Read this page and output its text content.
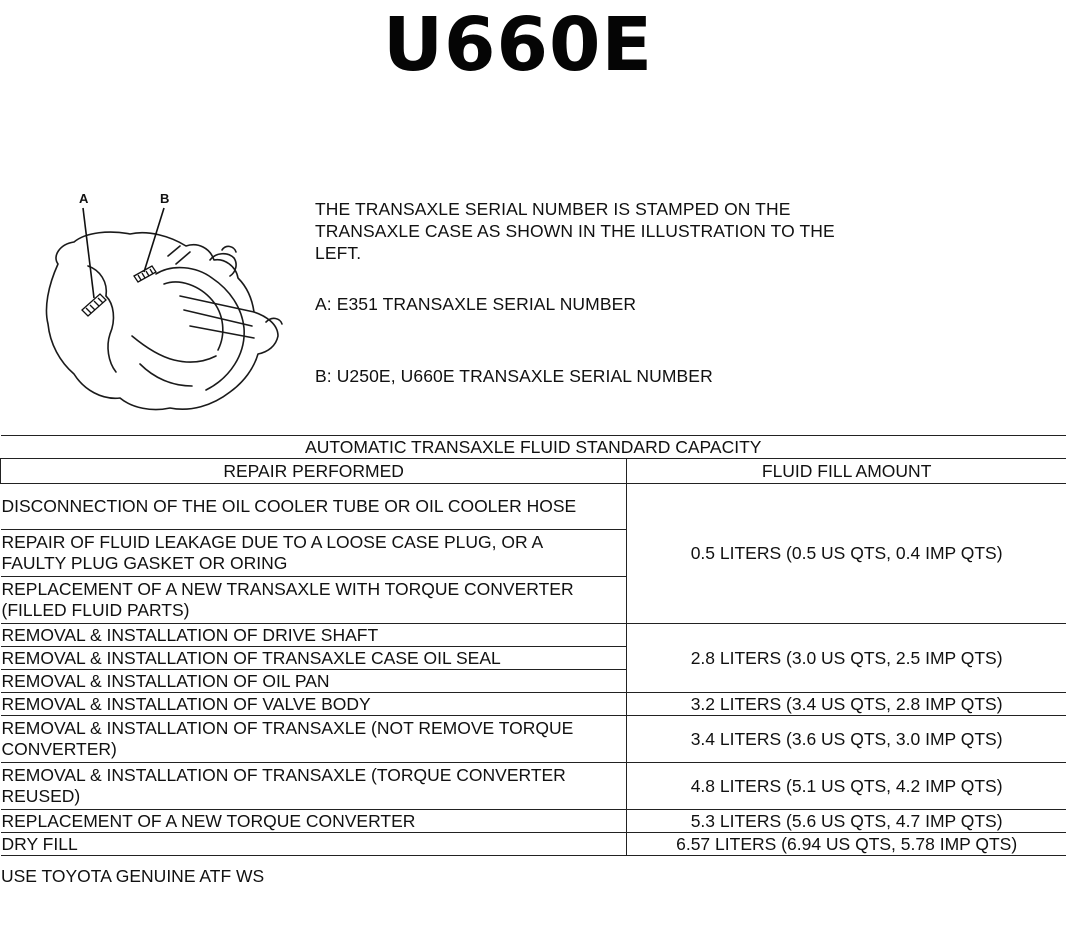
U660E
A	B

THE TRANSAXLE SERIAL NUMBER IS STAMPED ON THE
TRANSAXLE CASE AS SHOWN IN THE ILLUSTRATION TO THE
LEFT.

A: E351 TRANSAXLE SERIAL NUMBER

B: U250E, U660E TRANSAXLE SERIAL NUMBER

AUTOMATIC TRANSAXLE FLUID STANDARD CAPACITY	
REPAIR PERFORMED	FLUID FILL AMOUNT
DISCONNECTION OF THE OIL COOLER TUBE OR OIL COOLER HOSE	0.5 LITERS (0.5 US QTS, 0.4 IMP QTS)
REPAIR OF FLUID LEAKAGE DUE TO A LOOSE CASE PLUG, OR A
FAULTY PLUG GASKET OR ORING	
REPLACEMENT OF A NEW TRANSAXLE WITH TORQUE CONVERTER
(FILLED FLUID PARTS)	
REMOVAL & INSTALLATION OF DRIVE SHAFT	2.8 LITERS (3.0 US QTS, 2.5 IMP QTS)
REMOVAL & INSTALLATION OF TRANSAXLE CASE OIL SEAL	
REMOVAL & INSTALLATION OF OIL PAN	
REMOVAL & INSTALLATION OF VALVE BODY	3.2 LITERS (3.4 US QTS, 2.8 IMP QTS)
REMOVAL & INSTALLATION OF TRANSAXLE (NOT REMOVE TORQUE
CONVERTER)	3.4 LITERS (3.6 US QTS, 3.0 IMP QTS)
REMOVAL & INSTALLATION OF TRANSAXLE (TORQUE CONVERTER
REUSED)	4.8 LITERS (5.1 US QTS, 4.2 IMP QTS)
REPLACEMENT OF A NEW TORQUE CONVERTER	5.3 LITERS (5.6 US QTS, 4.7 IMP QTS)
DRY FILL	6.57 LITERS (6.94 US QTS, 5.78 IMP QTS)
USE TOYOTA GENUINE ATF WS
